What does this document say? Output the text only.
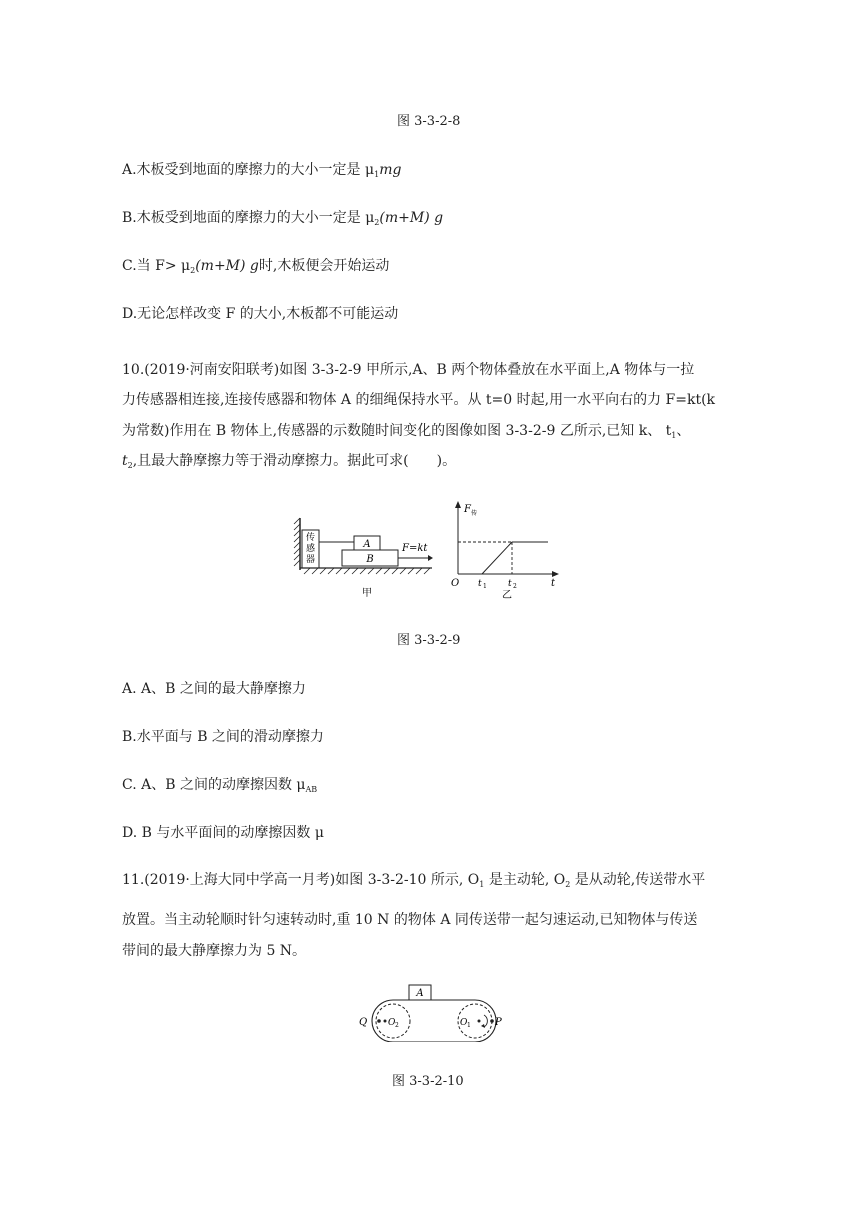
图 3-3-2-8
A.木板受到地面的摩擦力的大小一定是 $\mu_1mg$
B.木板受到地面的摩擦力的大小一定是 $\mu_2(m+M)$ g
C.当 $F> \mu_2(m+M)$ g时,木板便会开始运动
D.无论怎样改变 F 的大小,木板都不可能运动
10.(2019·河南安阳联考)如图 3-3-2-9 甲所示,A、B 两个物体叠放在水平面上,A 物体与一拉
力传感器相连接,连接传感器和物体 A 的细绳保持水平。从 t=0 时起,用一水平向右的力 F=kt(k
为常数)作用在 B 物体上,传感器的示数随时间变化的图像如图 3-3-2-9 乙所示,已知 k、 $t_1$、
$t_2$,且最大静摩擦力等于滑动摩擦力。据此可求(　　)。
传
感
器
A
B
F=kt
甲
F 传
O	t
t 1 t 2
乙
图 3-3-2-9
A. A、B 之间的最大静摩擦力
B.水平面与 B 之间的滑动摩擦力
C. A、B 之间的动摩擦因数 $\mu_{AB}$
D. B 与水平面间的动摩擦因数 μ
11.(2019·上海大同中学高一月考)如图 3-3-2-10 所示, $O_1$ 是主动轮, $O_2$ 是从动轮,传送带水平
放置。当主动轮顺时针匀速转动时,重 10 N 的物体 A 同传送带一起匀速运动,已知物体与传送
带间的最大静摩擦力为 5 N。
A
Q	P
O 2	O 1
图 3-3-2-10
